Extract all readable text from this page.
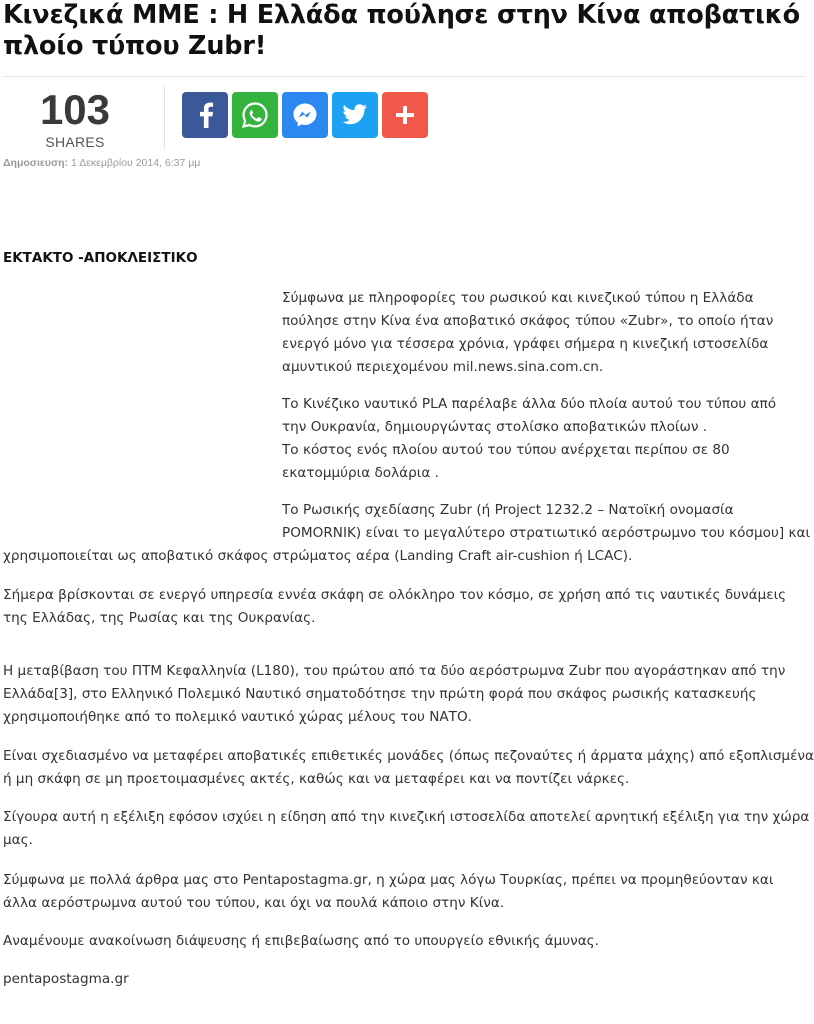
Κινεζικά ΜΜΕ : Η Ελλάδα πούλησε στην Κίνα αποβατικό
πλοίο τύπου Zubr!
103
SHARES
Δημοσιευση: 1 Δεκεμβρίου 2014, 6:37 μμ
ΕΚΤΑΚΤΟ -ΑΠΟΚΛΕΙΣΤΙΚΟ

Σύμφωνα με πληροφορίες του ρωσικού και κινεζικού τύπου η Ελλάδα
πούλησε στην Κίνα ένα αποβατικό σκάφος τύπου «Zubr», το οποίο ήταν
ενεργό μόνο για τέσσερα χρόνια, γράφει σήμερα η κινεζική ιστοσελίδα
αμυντικού περιεχομένου mil.news.sina.com.cn.

Το Κινέζικο ναυτικό PLA παρέλαβε άλλα δύο πλοία αυτού του τύπου από
την Ουκρανία, δημιουργώντας στολίσκο αποβατικών πλοίων .
Το κόστος ενός πλοίου αυτού του τύπου ανέρχεται περίπου σε 80
εκατομμύρια δολάρια .

Το Ρωσικής σχεδίασης Zubr (ή Project 1232.2 – Νατοϊκή ονομασία
POMORNIK) είναι το μεγαλύτερο στρατιωτικό αερόστρωμνο του κόσμου] και
χρησιμοποιείται ως αποβατικό σκάφος στρώματος αέρα (Landing Craft air-cushion ή LCAC).

Σήμερα βρίσκονται σε ενεργό υπηρεσία εννέα σκάφη σε ολόκληρο τον κόσμο, σε χρήση από τις ναυτικές δυνάμεις
της Ελλάδας, της Ρωσίας και της Ουκρανίας.

Η μεταβίβαση του ΠΤΜ Κεφαλληνία (L180), του πρώτου από τα δύο αερόστρωμνα Zubr που αγοράστηκαν από την
Ελλάδα[3], στο Ελληνικό Πολεμικό Ναυτικό σηματοδότησε την πρώτη φορά που σκάφος ρωσικής κατασκευής
χρησιμοποιήθηκε από το πολεμικό ναυτικό χώρας μέλους του ΝΑΤΟ.

Είναι σχεδιασμένο να μεταφέρει αποβατικές επιθετικές μονάδες (όπως πεζοναύτες ή άρματα μάχης) από εξοπλισμένα
ή μη σκάφη σε μη προετοιμασμένες ακτές, καθώς και να μεταφέρει και να ποντίζει νάρκες.

Σίγουρα αυτή η εξέλιξη εφόσον ισχύει η είδηση από την κινεζική ιστοσελίδα αποτελεί αρνητική εξέλιξη για την χώρα
μας.

Σύμφωνα με πολλά άρθρα μας στο Pentapostagma.gr, η χώρα μας λόγω Τουρκίας, πρέπει να προμηθεύονταν και
άλλα αερόστρωμνα αυτού του τύπου, και όχι να πουλά κάποιο στην Κίνα.

Αναμένουμε ανακοίνωση διάψευσης ή επιβεβαίωσης από το υπουργείο εθνικής άμυνας.

pentapostagma.gr
